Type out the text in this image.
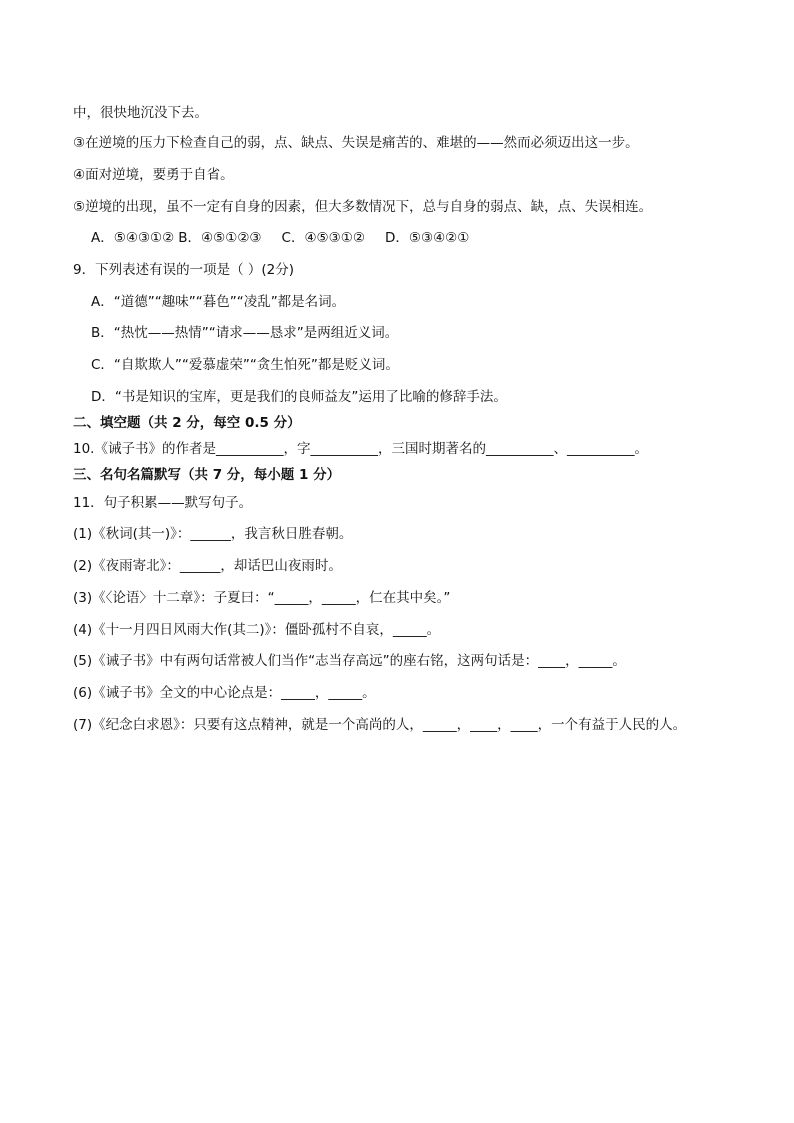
中，很快地沉没下去。
③在逆境的压力下检查自己的弱，点、缺点、失误是痛苦的、难堪的——然而必须迈出这一步。
④面对逆境，要勇于自省。
⑤逆境的出现，虽不一定有自身的因素，但大多数情况下，总与自身的弱点、缺，点、失误相连。
A．⑤④③①② B．④⑤①②③ C．④⑤③①② D．⑤③④②①
9．下列表述有误的一项是（ ）(2分)
A．“道德”“趣味”“暮色”“凌乱”都是名词。
B．“热忱——热情”“请求——恳求”是两组近义词。
C．“自欺欺人”“爱慕虚荣”“贪生怕死”都是贬义词。
D．“书是知识的宝库，更是我们的良师益友”运用了比喻的修辞手法。
二、填空题（共 2 分，每空 0.5 分）
10.《诫子书》的作者是__________，字__________，三国时期著名的__________、__________。
三、名句名篇默写（共 7 分，每小题 1 分）
11．句子积累——默写句子。
(1)《秋词(其一)》：______，我言秋日胜春朝。
(2)《夜雨寄北》：______，却话巴山夜雨时。
(3)《〈论语〉十二章》：子夏曰：“_____，_____，仁在其中矣。”
(4)《十一月四日风雨大作(其二)》：僵卧孤村不自哀，_____。
(5)《诫子书》中有两句话常被人们当作“志当存高远”的座右铭，这两句话是：____，_____。
(6)《诫子书》全文的中心论点是：_____，_____。
(7)《纪念白求恩》：只要有这点精神，就是一个高尚的人，_____，____，____，一个有益于人民的人。
